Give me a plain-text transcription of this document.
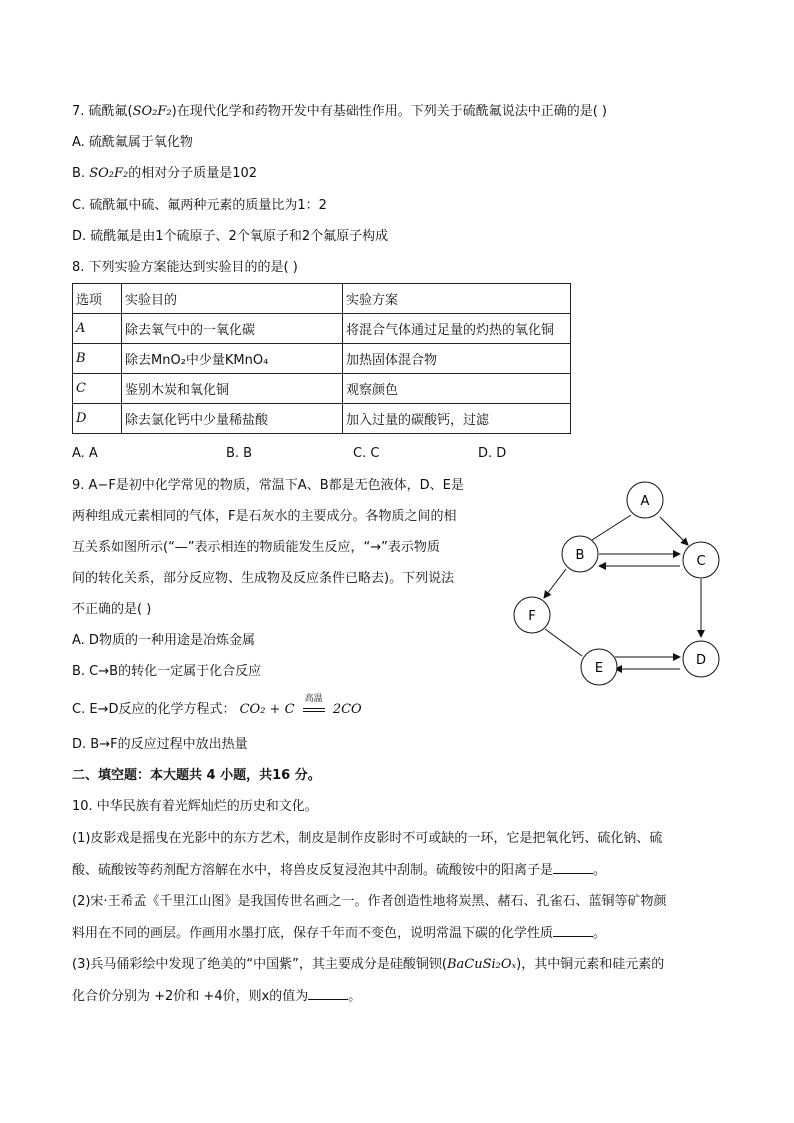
7. 硫酰氟(SO₂F₂)在现代化学和药物开发中有基础性作用。下列关于硫酰氟说法中正确的是( )
A. 硫酰氟属于氧化物
B. SO₂F₂的相对分子质量是102
C. 硫酰氟中硫、氟两种元素的质量比为1：2
D. 硫酰氟是由1个硫原子、2个氧原子和2个氟原子构成
8. 下列实验方案能达到实验目的的是( )
选项	实验目的	实验方案
A	除去氧气中的一氧化碳	将混合气体通过足量的灼热的氧化铜
B	除去MnO₂中少量KMnO₄	加热固体混合物
C	鉴别木炭和氧化铜	观察颜色
D	除去氯化钙中少量稀盐酸	加入过量的碳酸钙，过滤
A. A	B. B	C. C	D. D
9. A−F是初中化学常见的物质，常温下A、B都是无色液体，D、E是
两种组成元素相同的气体，F是石灰水的主要成分。各物质之间的相
互关系如图所示(“—”表示相连的物质能发生反应，“→”表示物质
间的转化关系，部分反应物、生成物及反应条件已略去)。下列说法
不正确的是( )
A. D物质的一种用途是冶炼金属
B. C→B的转化一定属于化合反应
C. E→D反应的化学方程式： CO₂ + C
高温
2CO
D. B→F的反应过程中放出热量
A
B	C
D
E
F
二、填空题：本大题共 4 小题，共16 分。
10. 中华民族有着光辉灿烂的历史和文化。
(1)皮影戏是摇曳在光影中的东方艺术，制皮是制作皮影时不可或缺的一环，它是把氧化钙、硫化钠、硫
酸、硫酸铵等药剂配方溶解在水中，将兽皮反复浸泡其中刮制。硫酸铵中的阳离子是	。
(2)宋·王希孟《千里江山图》是我国传世名画之一。作者创造性地将炭黑、赭石、孔雀石、蓝铜等矿物颜
料用在不同的画层。作画用水墨打底，保存千年而不变色，说明常温下碳的化学性质	。
(3)兵马俑彩绘中发现了绝美的“中国紫”，其主要成分是硅酸铜钡(BaCuSi₂Oₓ)，其中铜元素和硅元素的
化合价分别为 +2价和 +4价，则x的值为	。
